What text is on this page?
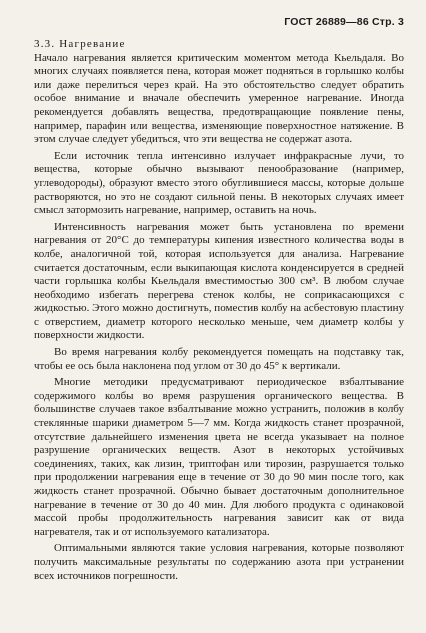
ГОСТ 26889—86 Стр. 3
3.3. Нагревание

Начало нагревания является критическим моментом метода Кьельдаля. Во многих случаях появляется пена, которая может подняться в горлышко колбы или даже перелиться через край. На это обстоятельство следует обратить особое внимание и вначале обеспечить умеренное нагревание. Иногда рекомендуется добавлять вещества, предотвращающие появление пены, например, парафин или вещества, изменяющие поверхностное натяжение. В этом случае следует убедиться, что эти вещества не содержат азота.

Если источник тепла интенсивно излучает инфракрасные лучи, то вещества, которые обычно вызывают пенообразование (например, углеводороды), образуют вместо этого обуглившиеся массы, которые дольше растворяются, но это не создают сильной пены. В некоторых случаях имеет смысл затормозить нагревание, например, оставить на ночь.

Интенсивность нагревания может быть установлена по времени нагревания от 20°С до температуры кипения известного количества воды в колбе, аналогичной той, которая используется для анализа. Нагревание считается достаточным, если выкипающая кислота конденсируется в средней части горлышка колбы Кьельдаля вместимостью 300 см³. В любом случае необходимо избегать перегрева стенок колбы, не соприкасающихся с жидкостью. Этого можно достигнуть, поместив колбу на асбестовую пластину с отверстием, диаметр которого несколько меньше, чем диаметр колбы у поверхности жидкости.

Во время нагревания колбу рекомендуется помещать на подставку так, чтобы ее ось была наклонена под углом от 30 до 45° к вертикали.

Многие методики предусматривают периодическое взбалтывание содержимого колбы во время разрушения органического вещества. В большинстве случаев такое взбалтывание можно устранить, положив в колбу стеклянные шарики диаметром 5—7 мм. Когда жидкость станет прозрачной, отсутствие дальнейшего изменения цвета не всегда указывает на полное разрушение органических веществ. Азот в некоторых устойчивых соединениях, таких, как лизин, триптофан или тирозин, разрушается только при продолжении нагревания еще в течение от 30 до 90 мин после того, как жидкость станет прозрачной. Обычно бывает достаточным дополнительное нагревание в течение от 30 до 40 мин. Для любого продукта с одинаковой массой пробы продолжительность нагревания зависит как от вида нагревателя, так и от используемого катализатора.

Оптимальными являются такие условия нагревания, которые позволяют получить максимальные результаты по содержанию азота при устранении всех источников погрешности.
